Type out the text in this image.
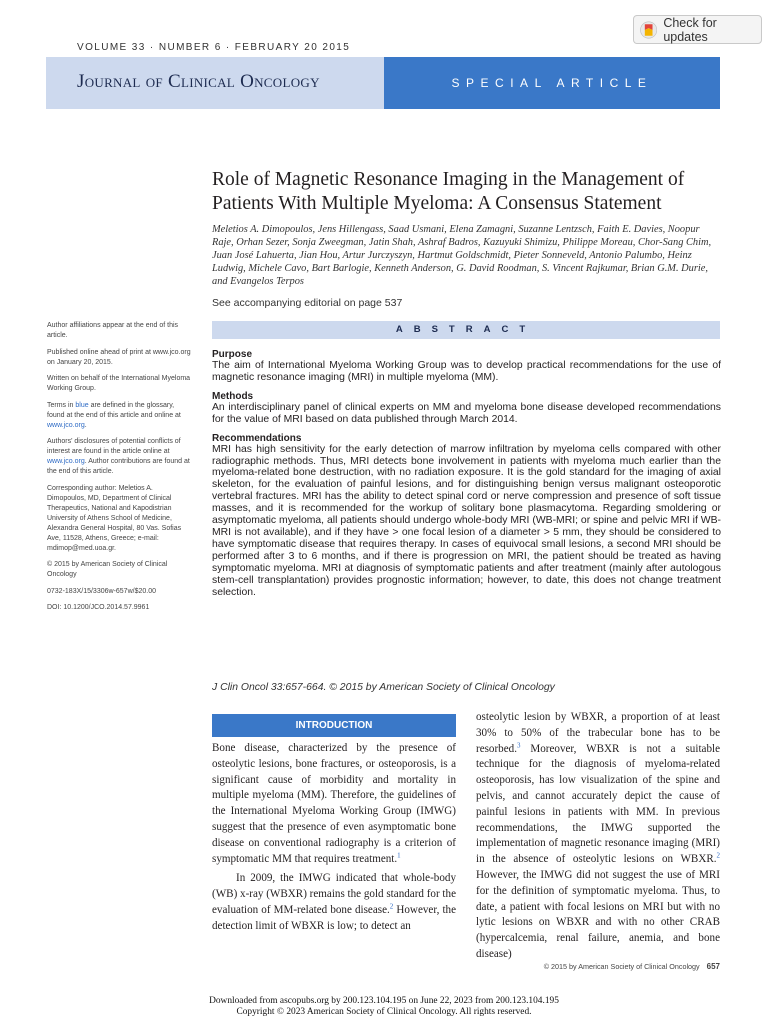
VOLUME 33 · NUMBER 6 · FEBRUARY 20 2015
Check for updates
Journal of Clinical Oncology	SPECIAL ARTICLE
Role of Magnetic Resonance Imaging in the Management of Patients With Multiple Myeloma: A Consensus Statement
Meletios A. Dimopoulos, Jens Hillengass, Saad Usmani, Elena Zamagni, Suzanne Lentzsch, Faith E. Davies, Noopur Raje, Orhan Sezer, Sonja Zweegman, Jatin Shah, Ashraf Badros, Kazuyuki Shimizu, Philippe Moreau, Chor-Sang Chim, Juan José Lahuerta, Jian Hou, Artur Jurczyszyn, Hartmut Goldschmidt, Pieter Sonneveld, Antonio Palumbo, Heinz Ludwig, Michele Cavo, Bart Barlogie, Kenneth Anderson, G. David Roodman, S. Vincent Rajkumar, Brian G.M. Durie, and Evangelos Terpos
See accompanying editorial on page 537

Author affiliations appear at the end of this article.

Published online ahead of print at www.jco.org on January 20, 2015.

Written on behalf of the International Myeloma Working Group.

Terms in blue are defined in the glossary, found at the end of this article and online at www.jco.org.

Authors' disclosures of potential conflicts of interest are found in the article online at www.jco.org. Author contributions are found at the end of this article.

Corresponding author: Meletios A. Dimopoulos, MD, Department of Clinical Therapeutics, National and Kapodistrian University of Athens School of Medicine, Alexandra General Hospital, 80 Vas. Sofias Ave, 11528, Athens, Greece; e-mail: mdimop@med.uoa.gr.

© 2015 by American Society of Clinical Oncology

0732-183X/15/3306w-657w/$20.00

DOI: 10.1200/JCO.2014.57.9961

ABSTRACT
Purpose

The aim of International Myeloma Working Group was to develop practical recommendations for the use of magnetic resonance imaging (MRI) in multiple myeloma (MM).

Methods

An interdisciplinary panel of clinical experts on MM and myeloma bone disease developed recommendations for the value of MRI based on data published through March 2014.

Recommendations

MRI has high sensitivity for the early detection of marrow infiltration by myeloma cells compared with other radiographic methods. Thus, MRI detects bone involvement in patients with myeloma much earlier than the myeloma-related bone destruction, with no radiation exposure. It is the gold standard for the imaging of axial skeleton, for the evaluation of painful lesions, and for distinguishing benign versus malignant osteoporotic vertebral fractures. MRI has the ability to detect spinal cord or nerve compression and presence of soft tissue masses, and it is recommended for the workup of solitary bone plasmacytoma. Regarding smoldering or asymptomatic myeloma, all patients should undergo whole-body MRI (WB-MRI; or spine and pelvic MRI if WB-MRI is not available), and if they have > one focal lesion of a diameter > 5 mm, they should be considered to have symptomatic disease that requires therapy. In cases of equivocal small lesions, a second MRI should be performed after 3 to 6 months, and if there is progression on MRI, the patient should be treated as having symptomatic myeloma. MRI at diagnosis of symptomatic patients and after treatment (mainly after autologous stem-cell transplantation) provides prognostic information; however, to date, this does not change treatment selection.

J Clin Oncol 33:657-664. © 2015 by American Society of Clinical Oncology
INTRODUCTION

Bone disease, characterized by the presence of osteolytic lesions, bone fractures, or osteoporosis, is a significant cause of morbidity and mortality in multiple myeloma (MM). Therefore, the guidelines of the International Myeloma Working Group (IMWG) suggest that the presence of even asymptomatic bone disease on conventional radiography is a criterion of symptomatic MM that requires treatment.$^1$

In 2009, the IMWG indicated that whole-body (WB) x-ray (WBXR) remains the gold standard for the evaluation of MM-related bone disease.$^2$ However, the detection limit of WBXR is low; to detect an

osteolytic lesion by WBXR, a proportion of at least 30% to 50% of the trabecular bone has to be resorbed.$^3$ Moreover, WBXR is not a suitable technique for the diagnosis of myeloma-related osteoporosis, has low visualization of the spine and pelvis, and cannot accurately depict the cause of painful lesions in patients with MM. In previous recommendations, the IMWG supported the implementation of magnetic resonance imaging (MRI) in the absence of osteolytic lesions on WBXR.$^2$ However, the IMWG did not suggest the use of MRI for the definition of symptomatic myeloma. Thus, to date, a patient with focal lesions on MRI but with no lytic lesions on WBXR and with no other CRAB (hypercalcemia, renal failure, anemia, and bone disease)

© 2015 by American Society of Clinical Oncology 657
Downloaded from ascopubs.org by 200.123.104.195 on June 22, 2023 from 200.123.104.195
Copyright © 2023 American Society of Clinical Oncology. All rights reserved.
